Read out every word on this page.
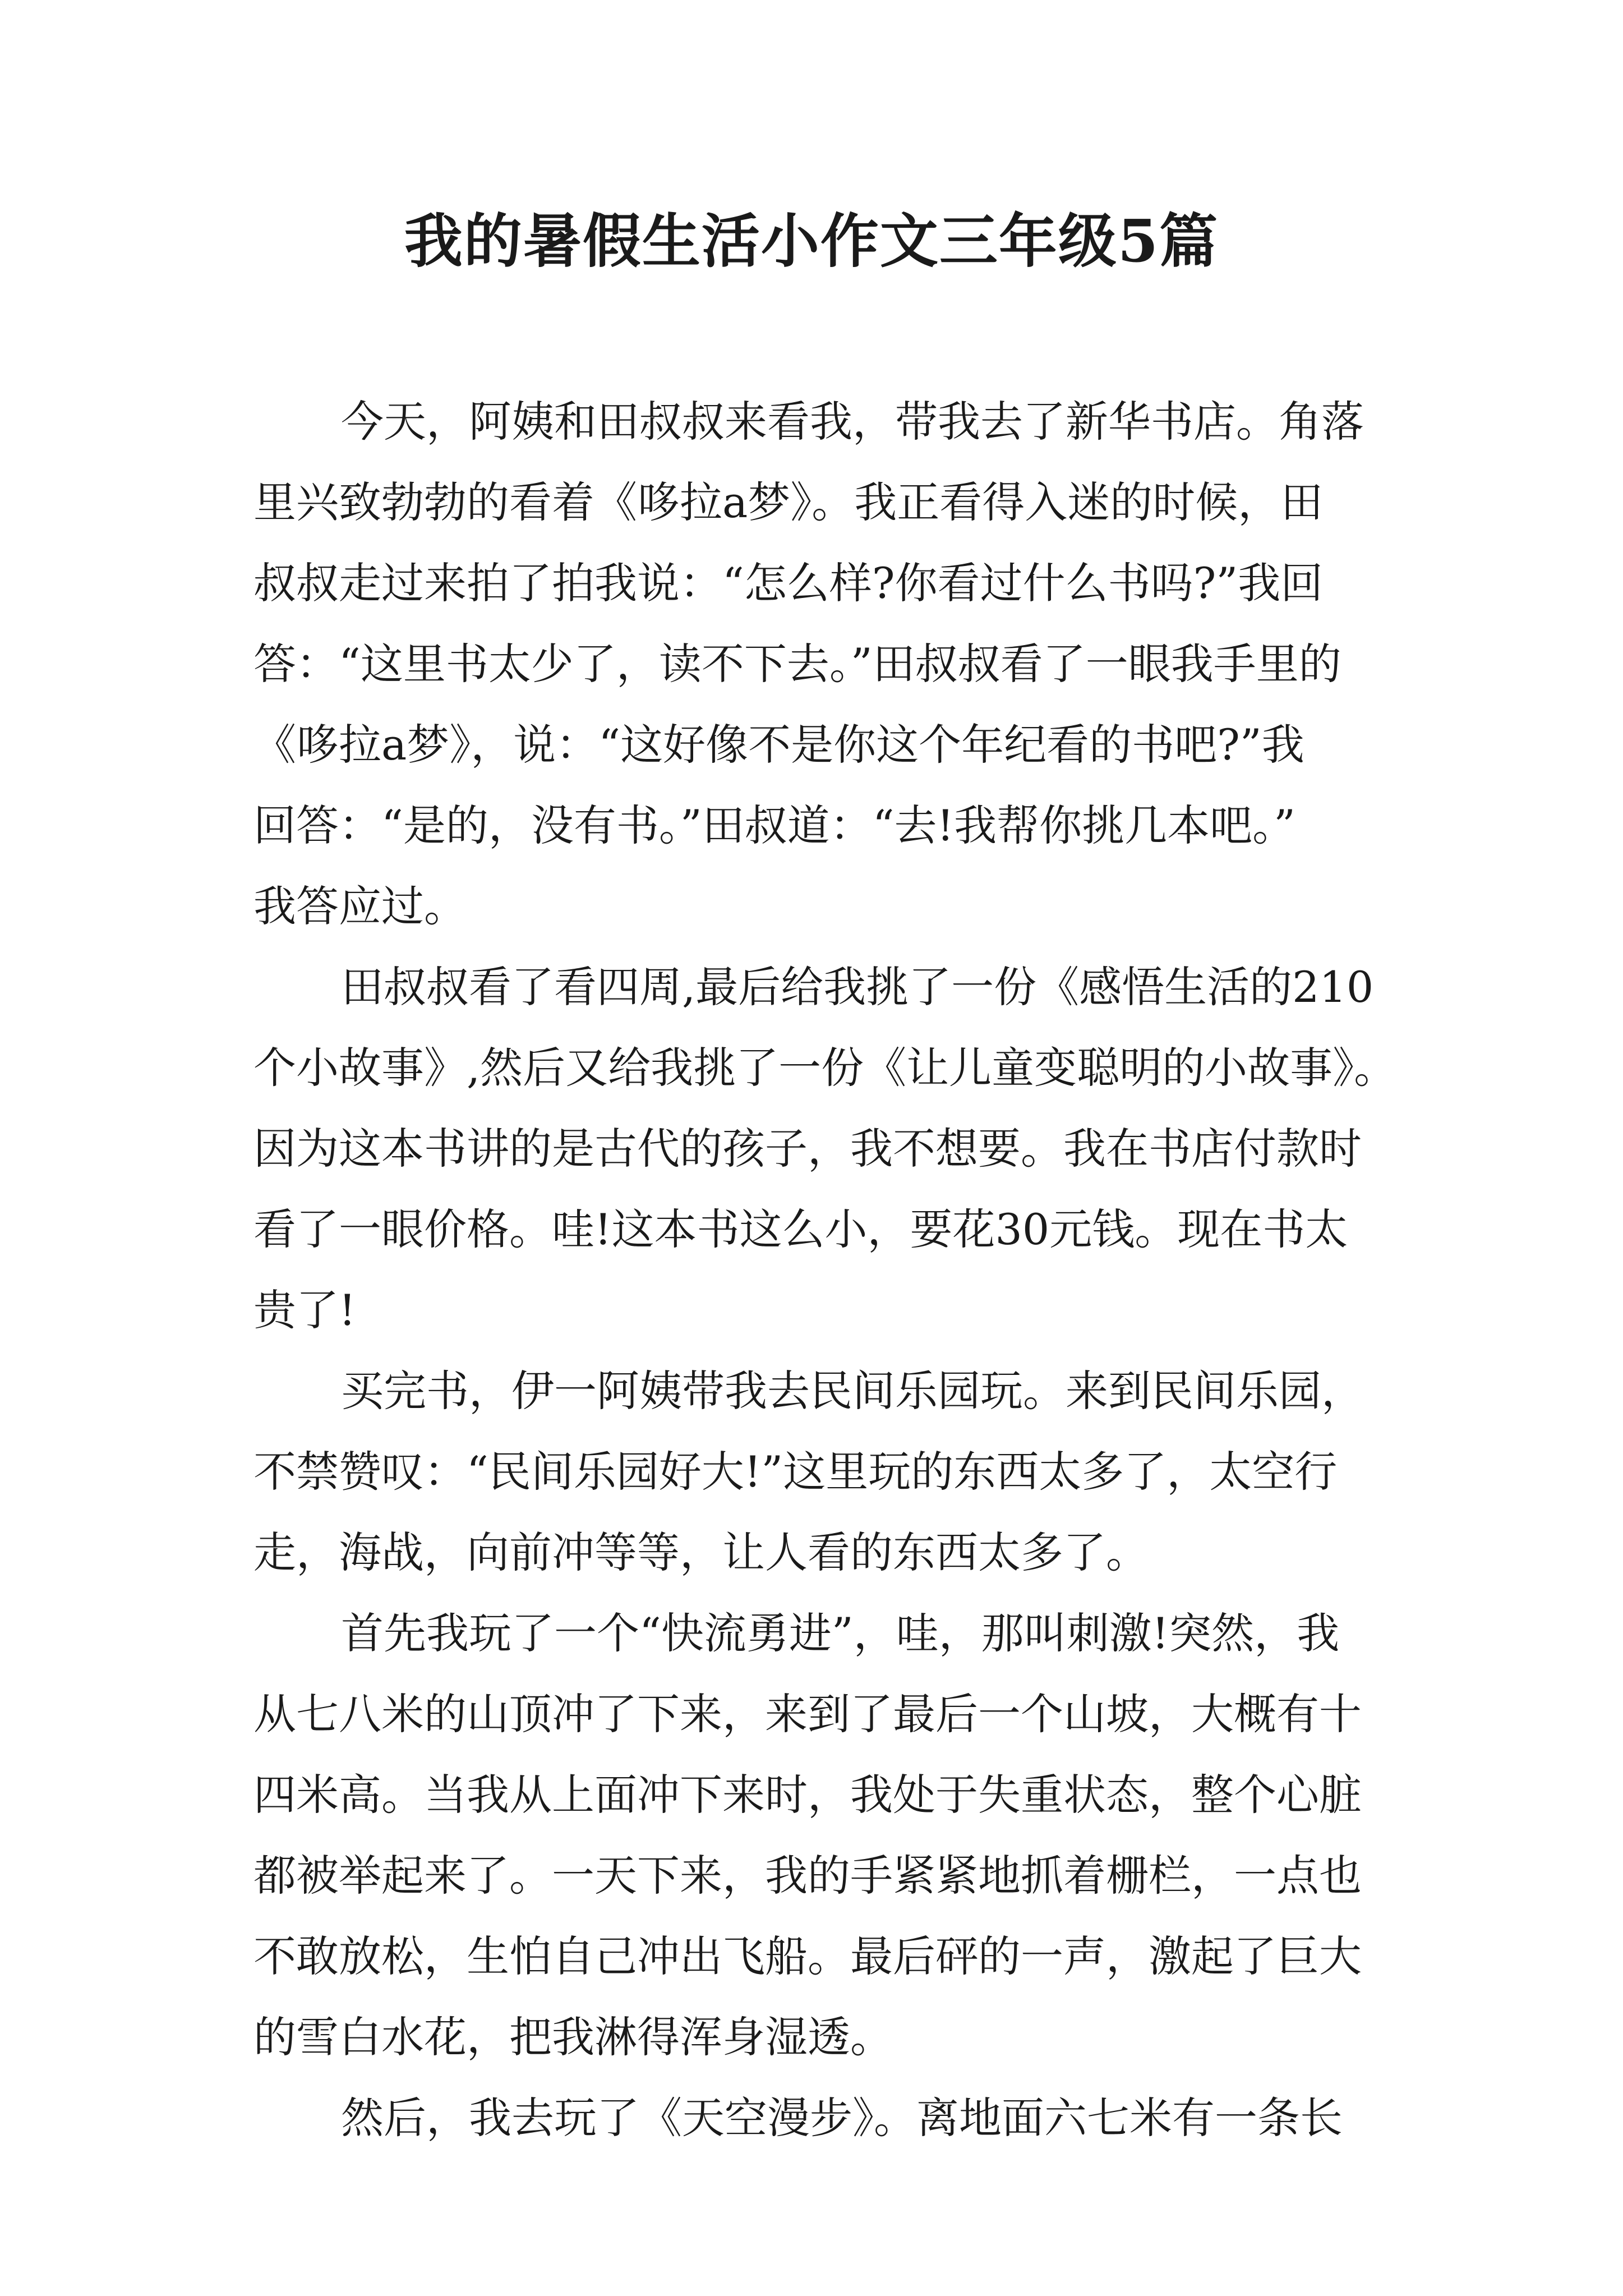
我的暑假生活小作文三年级5篇
今天，阿姨和田叔叔来看我，带我去了新华书店。角落
里兴致勃勃的看着《哆拉a梦》。我正看得入迷的时候，田
叔叔走过来拍了拍我说：“怎么样?你看过什么书吗?”我回
答：“这里书太少了，读不下去。”田叔叔看了一眼我手里的
《哆拉a梦》，说：“这好像不是你这个年纪看的书吧?”我
回答：“是的，没有书。”田叔道：“去!我帮你挑几本吧。”
我答应过。
田叔叔看了看四周,最后给我挑了一份《感悟生活的210
个小故事》,然后又给我挑了一份《让儿童变聪明的小故事》。
因为这本书讲的是古代的孩子，我不想要。我在书店付款时
看了一眼价格。哇!这本书这么小，要花30元钱。现在书太
贵了!
买完书，伊一阿姨带我去民间乐园玩。来到民间乐园，
不禁赞叹：“民间乐园好大!”这里玩的东西太多了，太空行
走，海战，向前冲等等，让人看的东西太多了。
首先我玩了一个“快流勇进”，哇，那叫刺激!突然，我
从七八米的山顶冲了下来，来到了最后一个山坡，大概有十
四米高。当我从上面冲下来时，我处于失重状态，整个心脏
都被举起来了。一天下来，我的手紧紧地抓着栅栏，一点也
不敢放松，生怕自己冲出飞船。最后砰的一声，激起了巨大
的雪白水花，把我淋得浑身湿透。
然后，我去玩了《天空漫步》。离地面六七米有一条长
